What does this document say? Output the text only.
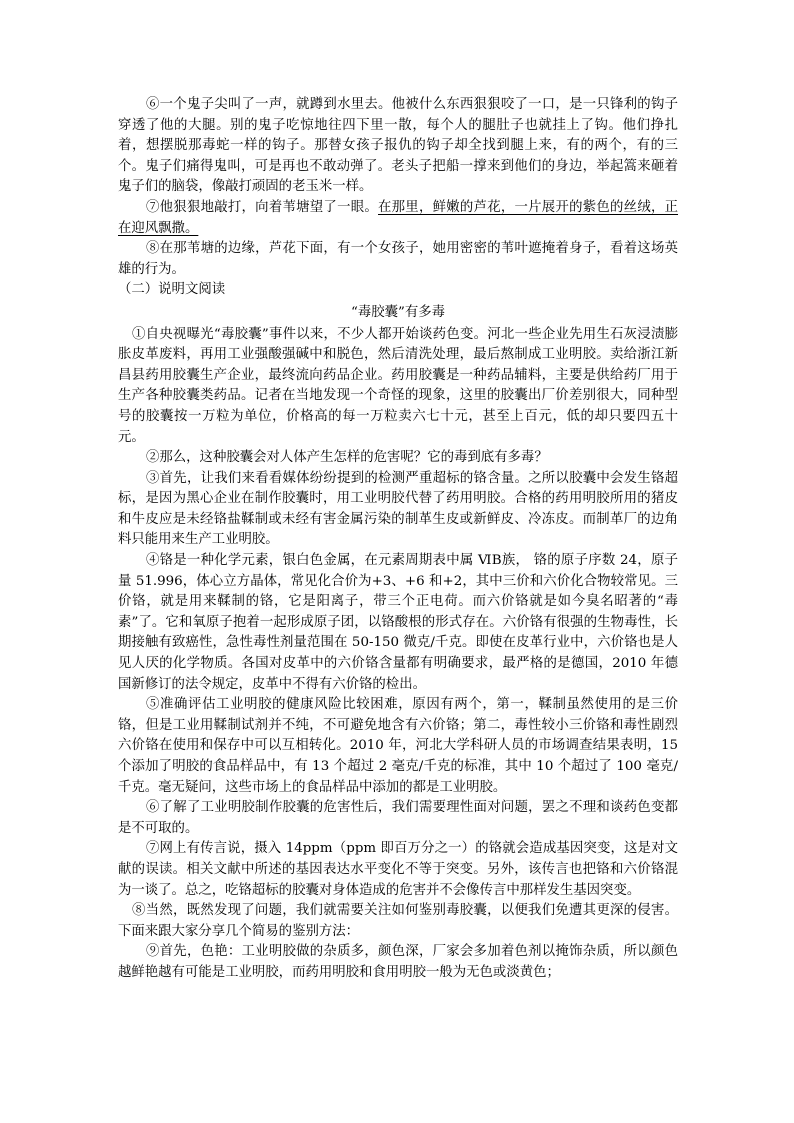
⑥一个鬼子尖叫了一声，就蹲到水里去。他被什么东西狠狠咬了一口，是一只锋利的钩子穿透了他的大腿。别的鬼子吃惊地往四下里一散，每个人的腿肚子也就挂上了钩。他们挣扎着，想摆脱那毒蛇一样的钩子。那替女孩子报仇的钩子却全找到腿上来，有的两个，有的三个。鬼子们痛得鬼叫，可是再也不敢动弹了。老头子把船一撑来到他们的身边，举起篙来砸着鬼子们的脑袋，像敲打顽固的老玉米一样。

⑦他狠狠地敲打，向着苇塘望了一眼。在那里，鲜嫩的芦花，一片展开的紫色的丝绒，正在迎风飘撒。

⑧在那苇塘的边缘，芦花下面，有一个女孩子，她用密密的苇叶遮掩着身子，看着这场英雄的行为。

（二）说明文阅读

“毒胶囊”有多毒

①自央视曝光“毒胶囊”事件以来，不少人都开始谈药色变。河北一些企业先用生石灰浸渍膨胀皮革废料，再用工业强酸强碱中和脱色，然后清洗处理，最后熬制成工业明胶。卖给浙江新昌县药用胶囊生产企业，最终流向药品企业。药用胶囊是一种药品辅料，主要是供给药厂用于生产各种胶囊类药品。记者在当地发现一个奇怪的现象，这里的胶囊出厂价差别很大，同种型号的胶囊按一万粒为单位，价格高的每一万粒卖六七十元，甚至上百元，低的却只要四五十元。

②那么，这种胶囊会对人体产生怎样的危害呢？它的毒到底有多毒？

③首先，让我们来看看媒体纷纷提到的检测严重超标的铬含量。之所以胶囊中会发生铬超标，是因为黑心企业在制作胶囊时，用工业明胶代替了药用明胶。合格的药用明胶所用的猪皮和牛皮应是未经铬盐鞣制或未经有害金属污染的制革生皮或新鲜皮、冷冻皮。而制革厂的边角料只能用来生产工业明胶。

④铬是一种化学元素，银白色金属，在元素周期表中属 ⅥB族， 铬的原子序数 24，原子量 51.996，体心立方晶体，常见化合价为+3、+6 和+2，其中三价和六价化合物较常见。三价铬，就是用来鞣制的铬，它是阳离子，带三个正电荷。而六价铬就是如今臭名昭著的“毒素”了。它和氧原子抱着一起形成原子团，以铬酸根的形式存在。六价铬有很强的生物毒性，长期接触有致癌性，急性毒性剂量范围在 50-150 微克/千克。即使在皮革行业中，六价铬也是人见人厌的化学物质。各国对皮革中的六价铬含量都有明确要求，最严格的是德国，2010 年德国新修订的法令规定，皮革中不得有六价铬的检出。

⑤准确评估工业明胶的健康风险比较困难，原因有两个，第一，鞣制虽然使用的是三价铬，但是工业用鞣制试剂并不纯，不可避免地含有六价铬；第二，毒性较小三价铬和毒性剧烈六价铬在使用和保存中可以互相转化。2010 年，河北大学科研人员的市场调查结果表明，15 个添加了明胶的食品样品中，有 13 个超过 2 毫克/千克的标准，其中 10 个超过了 100 毫克/千克。毫无疑问，这些市场上的食品样品中添加的都是工业明胶。

⑥了解了工业明胶制作胶囊的危害性后，我们需要理性面对问题，罢之不理和谈药色变都是不可取的。

⑦网上有传言说，摄入 14ppm（ppm 即百万分之一）的铬就会造成基因突变，这是对文献的误读。相关文献中所述的基因表达水平变化不等于突变。另外，该传言也把铬和六价铬混为一谈了。总之，吃铬超标的胶囊对身体造成的危害并不会像传言中那样发生基因突变。

⑧当然，既然发现了问题，我们就需要关注如何鉴别毒胶囊，以便我们免遭其更深的侵害。下面来跟大家分享几个简易的鉴别方法：

⑨首先，色艳：工业明胶做的杂质多，颜色深，厂家会多加着色剂以掩饰杂质，所以颜色越鲜艳越有可能是工业明胶，而药用明胶和食用明胶一般为无色或淡黄色；
